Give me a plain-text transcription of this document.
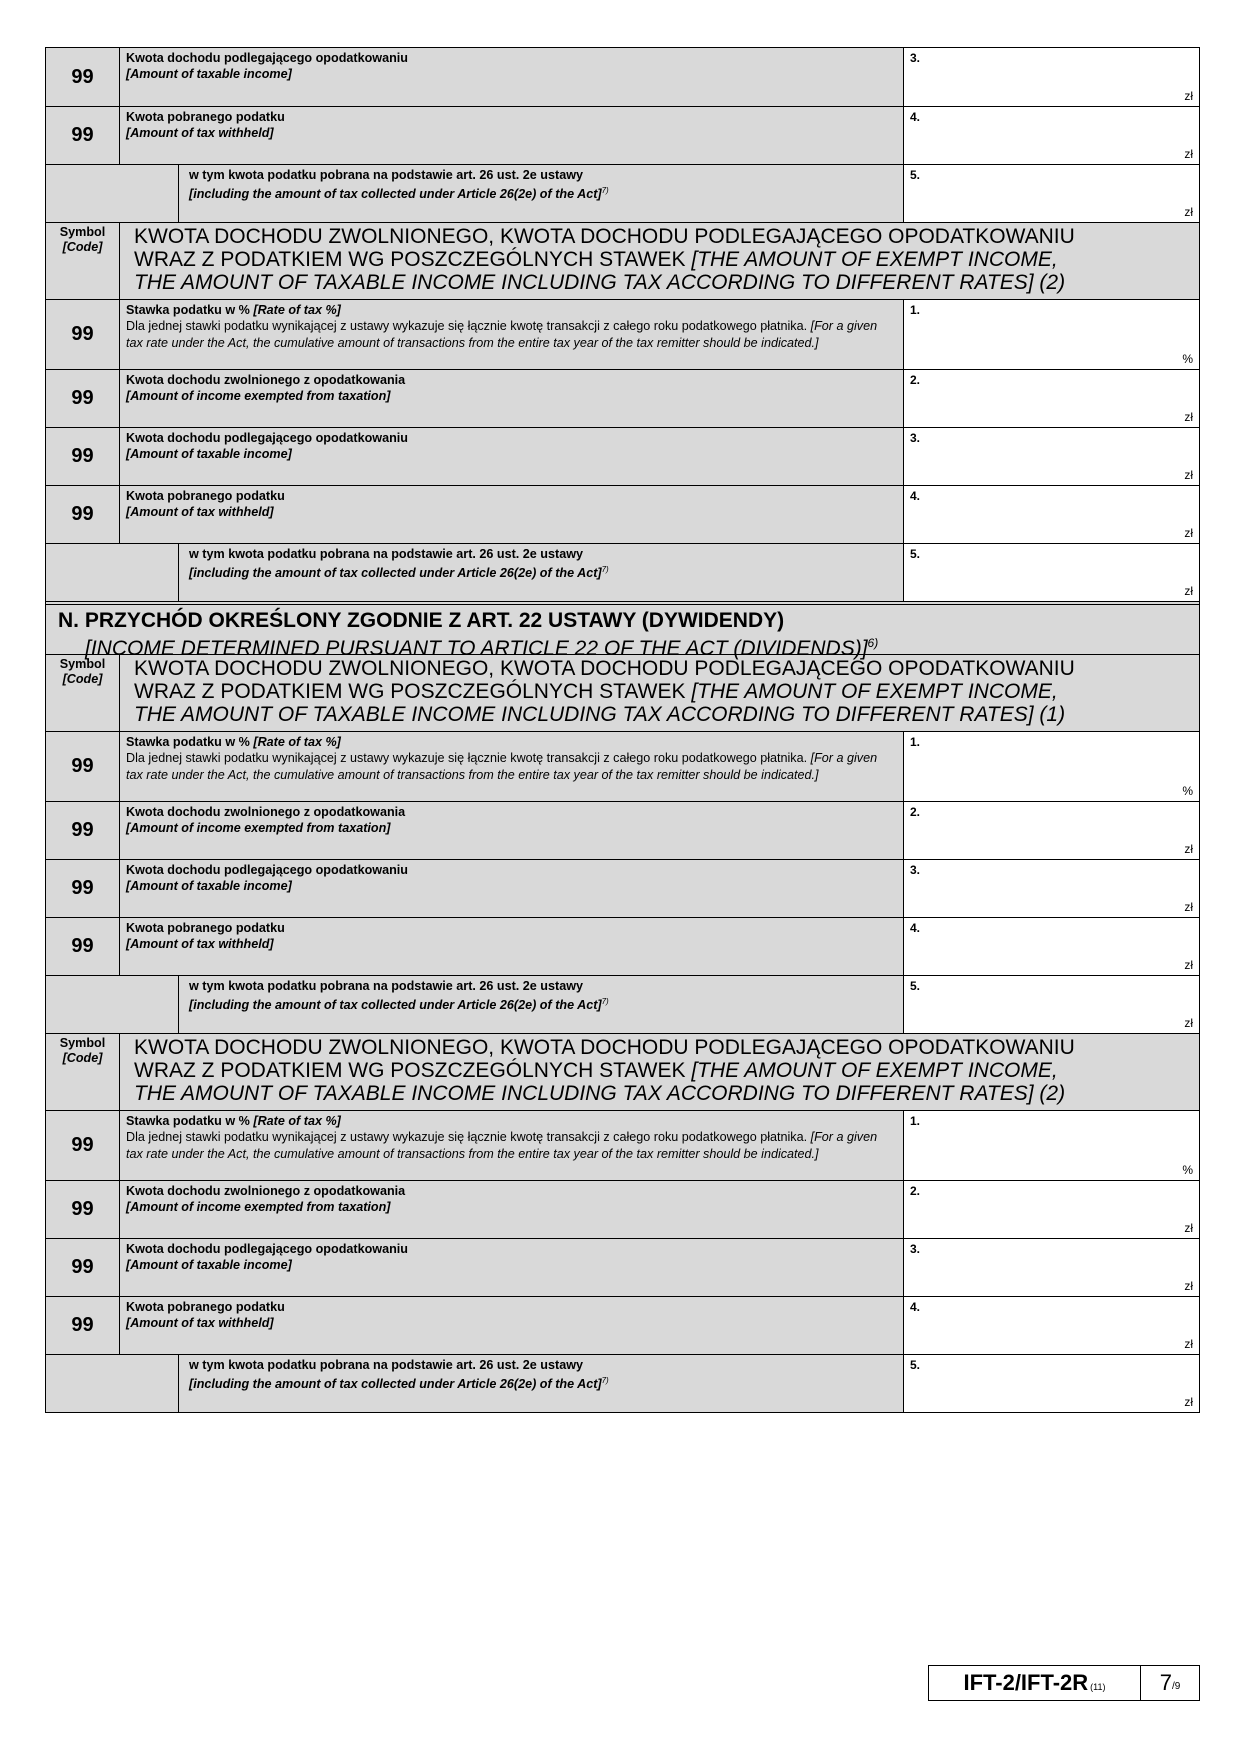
99
Kwota dochodu podlegającego opodatkowaniu
[Amount of taxable income]
3.
zł
99
Kwota pobranego podatku
[Amount of tax withheld]
4.
zł
w tym kwota podatku pobrana na podstawie art. 26 ust. 2e ustawy
[including the amount of tax collected under Article 26(2e) of the Act]$^{7)}$
5.
zł
Symbol
[Code]	KWOTA DOCHODU ZWOLNIONEGO, KWOTA DOCHODU PODLEGAJĄCEGO OPODATKOWANIU
WRAZ Z PODATKIEM WG POSZCZEGÓLNYCH STAWEK [THE AMOUNT OF EXEMPT INCOME,
THE AMOUNT OF TAXABLE INCOME INCLUDING TAX ACCORDING TO DIFFERENT RATES] (2)
99
Stawka podatku w % [Rate of tax %]
Dla jednej stawki podatku wynikającej z ustawy wykazuje się łącznie kwotę transakcji z całego roku podatkowego płatnika. [For a given tax rate under the Act, the cumulative amount of transactions from the entire tax year of the tax remitter should be indicated.]
1.
%
99
Kwota dochodu zwolnionego z opodatkowania
[Amount of income exempted from taxation]
2.
zł
99
Kwota dochodu podlegającego opodatkowaniu
[Amount of taxable income]
3.
zł
99
Kwota pobranego podatku
[Amount of tax withheld]
4.
zł
w tym kwota podatku pobrana na podstawie art. 26 ust. 2e ustawy
[including the amount of tax collected under Article 26(2e) of the Act]$^{7)}$
5.
zł
N. PRZYCHÓD OKREŚLONY ZGODNIE Z ART. 22 USTAWY (DYWIDENDY)
[INCOME DETERMINED PURSUANT TO ARTICLE 22 OF THE ACT (DIVIDENDS)]$^{6)}$
Symbol
[Code]	KWOTA DOCHODU ZWOLNIONEGO, KWOTA DOCHODU PODLEGAJĄCEGO OPODATKOWANIU
WRAZ Z PODATKIEM WG POSZCZEGÓLNYCH STAWEK [THE AMOUNT OF EXEMPT INCOME,
THE AMOUNT OF TAXABLE INCOME INCLUDING TAX ACCORDING TO DIFFERENT RATES] (1)
99
Stawka podatku w % [Rate of tax %]
Dla jednej stawki podatku wynikającej z ustawy wykazuje się łącznie kwotę transakcji z całego roku podatkowego płatnika. [For a given tax rate under the Act, the cumulative amount of transactions from the entire tax year of the tax remitter should be indicated.]
1.
%
99
Kwota dochodu zwolnionego z opodatkowania
[Amount of income exempted from taxation]
2.
zł
99
Kwota dochodu podlegającego opodatkowaniu
[Amount of taxable income]
3.
zł
99
Kwota pobranego podatku
[Amount of tax withheld]
4.
zł
w tym kwota podatku pobrana na podstawie art. 26 ust. 2e ustawy
[including the amount of tax collected under Article 26(2e) of the Act]$^{7)}$
5.
zł
Symbol
[Code]	KWOTA DOCHODU ZWOLNIONEGO, KWOTA DOCHODU PODLEGAJĄCEGO OPODATKOWANIU
WRAZ Z PODATKIEM WG POSZCZEGÓLNYCH STAWEK [THE AMOUNT OF EXEMPT INCOME,
THE AMOUNT OF TAXABLE INCOME INCLUDING TAX ACCORDING TO DIFFERENT RATES] (2)
99
Stawka podatku w % [Rate of tax %]
Dla jednej stawki podatku wynikającej z ustawy wykazuje się łącznie kwotę transakcji z całego roku podatkowego płatnika. [For a given tax rate under the Act, the cumulative amount of transactions from the entire tax year of the tax remitter should be indicated.]
1.
%
99
Kwota dochodu zwolnionego z opodatkowania
[Amount of income exempted from taxation]
2.
zł
99
Kwota dochodu podlegającego opodatkowaniu
[Amount of taxable income]
3.
zł
99
Kwota pobranego podatku
[Amount of tax withheld]
4.
zł
w tym kwota podatku pobrana na podstawie art. 26 ust. 2e ustawy
[including the amount of tax collected under Article 26(2e) of the Act]$^{7)}$
5.
zł
IFT-2/IFT-2R (11) 7 /9
